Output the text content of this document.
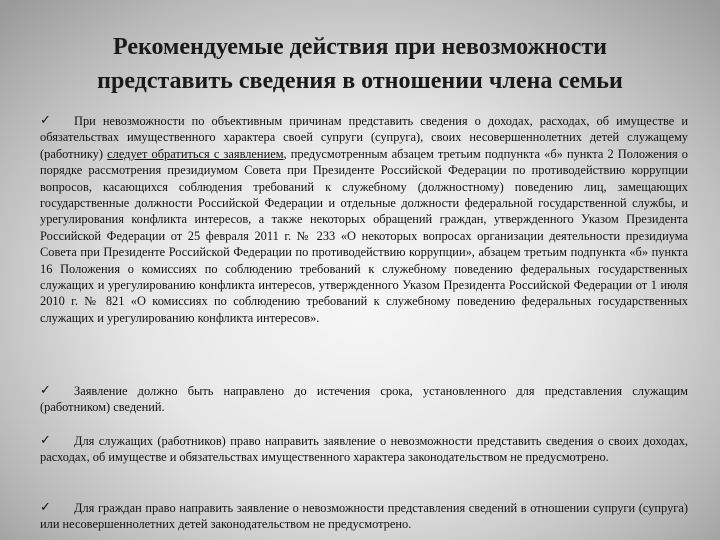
Рекомендуемые действия при невозможности
представить сведения в отношении члена семьи
✓ При невозможности по объективным причинам представить сведения о доходах, расходах, об имуществе и обязательствах имущественного характера своей супруги (супруга), своих несовершеннолетних детей служащему (работнику) следует обратиться с заявлением, предусмотренным абзацем третьим подпункта «б» пункта 2 Положения о порядке рассмотрения президиумом Совета при Президенте Российской Федерации по противодействию коррупции вопросов, касающихся соблюдения требований к служебному (должностному) поведению лиц, замещающих государственные должности Российской Федерации и отдельные должности федеральной государственной службы, и урегулирования конфликта интересов, а также некоторых обращений граждан, утвержденного Указом Президента Российской Федерации от 25 февраля 2011 г. № 233 «О некоторых вопросах организации деятельности президиума Совета при Президенте Российской Федерации по противодействию коррупции», абзацем третьим подпункта «б» пункта 16 Положения о комиссиях по соблюдению требований к служебному поведению федеральных государственных служащих и урегулированию конфликта интересов, утвержденного Указом Президента Российской Федерации от 1 июля 2010 г. № 821 «О комиссиях по соблюдению требований к служебному поведению федеральных государственных служащих и урегулированию конфликта интересов».
✓ Заявление должно быть направлено до истечения срока, установленного для представления служащим (работником) сведений.
✓ Для служащих (работников) право направить заявление о невозможности представить сведения о своих доходах, расходах, об имуществе и обязательствах имущественного характера законодательством не предусмотрено.
✓ Для граждан право направить заявление о невозможности представления сведений в отношении супруги (супруга) или несовершеннолетних детей законодательством не предусмотрено.
